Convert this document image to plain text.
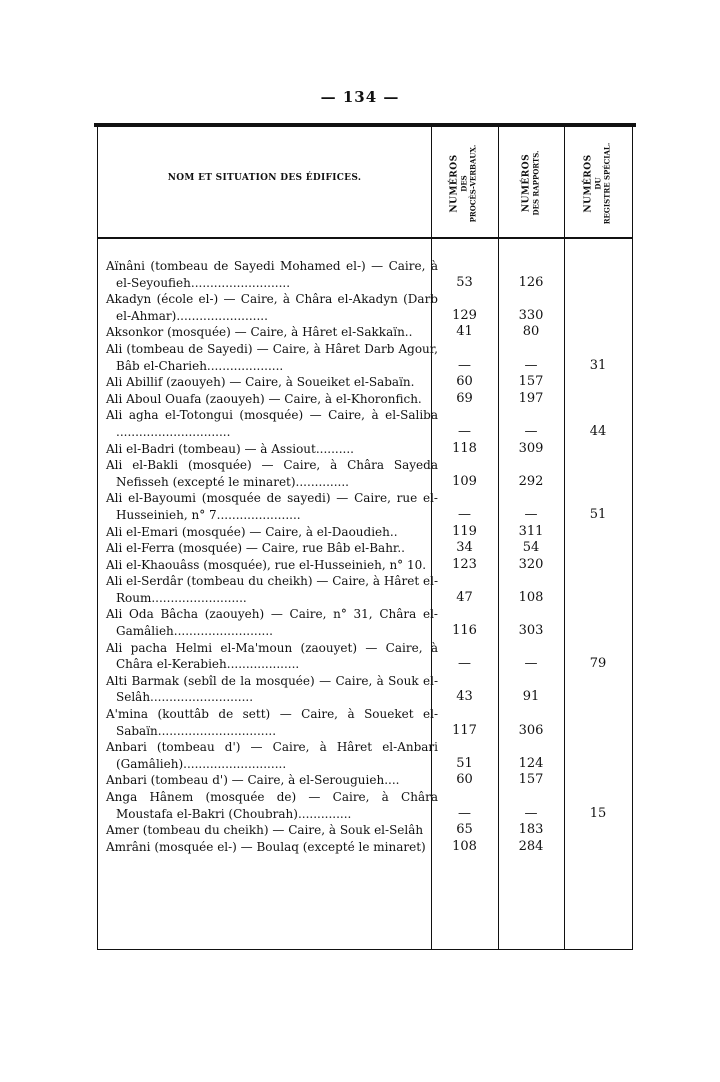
— 134 —
NOM ET SITUATION DES ÉDIFICES.	NUMÉROS DES PROCÈS-VERBAUX.	NUMÉROS DES RAPPORTS.	NUMÉROS DU REGISTRE SPÉCIAL.
Aïnâni (tombeau de Sayedi Mohamed el-) — Caire, à el-Seyoufieh..........................	53	126
Akadyn (école el-) — Caire, à Châra el-Akadyn (Darb el-Ahmar)........................	129	330
Aksonkor (mosquée) — Caire, à Hâret el-Sakkaïn..	41	80
Ali (tombeau de Sayedi) — Caire, à Hâret Darb Agour, Bâb el-Charieh....................	—	—	31
Ali Abillif (zaouyeh) — Caire, à Soueiket el-Sabaïn.	60	157
Ali Aboul Ouafa (zaouyeh) — Caire, à el-Khoronfich.	69	197
Ali agha el-Totongui (mosquée) — Caire, à el-Saliba ..............................	—	—	44
Ali el-Badri (tombeau) — à Assiout..........	118	309
Ali el-Bakli (mosquée) — Caire, à Châra Sayeda Nefisseh (excepté le minaret)..............	109	292
Ali el-Bayoumi (mosquée de sayedi) — Caire, rue el-Husseinieh, n° 7......................	—	—	51
Ali el-Emari (mosquée) — Caire, à el-Daoudieh..	119	311
Ali el-Ferra (mosquée) — Caire, rue Bâb el-Bahr..	34	54
Ali el-Khaouâss (mosquée), rue el-Husseinieh, n° 10.	123	320
Ali el-Serdâr (tombeau du cheikh) — Caire, à Hâret el-Roum.........................	47	108
Ali Oda Bâcha (zaouyeh) — Caire, n° 31, Châra el-Gamâlieh..........................	116	303
Ali pacha Helmi el-Ma'moun (zaouyet) — Caire, à Châra el-Kerabieh...................	—	—	79
Alti Barmak (sebîl de la mosquée) — Caire, à Souk el-Selâh...........................	43	91
A'mina (kouttâb de sett) — Caire, à Soueket el-Sabaïn...............................	117	306
Anbari (tombeau d') — Caire, à Hâret el-Anbari (Gamâlieh)...........................	51	124
Anbari (tombeau d') — Caire, à el-Serouguieh....	60	157
Anga Hânem (mosquée de) — Caire, à Châra Moustafa el-Bakri (Choubrah)..............	—	—	15
Amer (tombeau du cheikh) — Caire, à Souk el-Selâh	65	183
Amrâni (mosquée el-) — Boulaq (excepté le minaret)	108	284
